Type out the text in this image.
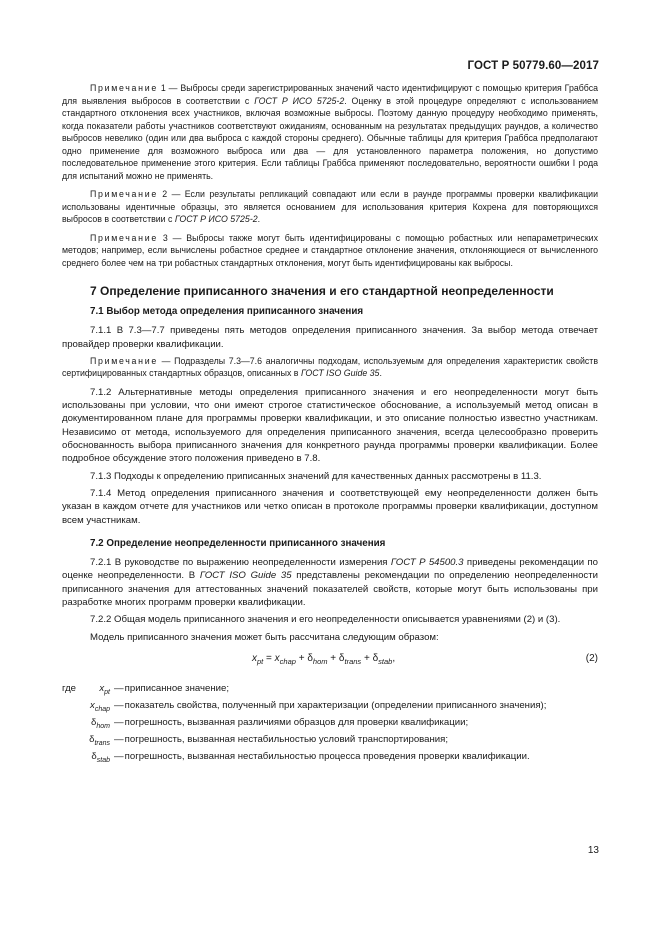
ГОСТ Р 50779.60—2017

Примечание 1 — Выбросы среди зарегистрированных значений часто идентифицируют с помощью критерия Граббса для выявления выбросов в соответствии с ГОСТ Р ИСО 5725-2. Оценку в этой процедуре определяют с использованием стандартного отклонения всех участников, включая возможные выбросы. Поэтому данную процедуру необходимо применять, когда показатели работы участников соответствуют ожиданиям, основанным на результатах предыдущих раундов, а количество выбросов невелико (один или два выброса с каждой стороны среднего). Обычные таблицы для критерия Граббса предполагают одно применение для возможного выброса или два — для установленного параметра положения, но допустимо последовательное применение этого критерия. Если таблицы Граббса применяют последовательно, вероятности ошибки I рода для испытаний можно не применять.

Примечание 2 — Если результаты репликаций совпадают или если в раунде программы проверки квалификации использованы идентичные образцы, это является основанием для использования критерия Кохрена для повторяющихся выбросов в соответствии с ГОСТ Р ИСО 5725-2.

Примечание 3 — Выбросы также могут быть идентифицированы с помощью робастных или непараметрических методов; например, если вычислены робастное среднее и стандартное отклонение значения, отклоняющиеся от вычисленного среднего более чем на три робастных стандартных отклонения, могут быть идентифицированы как выбросы.

7 Определение приписанного значения и его стандартной неопределенности
7.1 Выбор метода определения приписанного значения

7.1.1 В 7.3—7.7 приведены пять методов определения приписанного значения. За выбор метода отвечает провайдер проверки квалификации.

Примечание — Подразделы 7.3—7.6 аналогичны подходам, используемым для определения характеристик свойств сертифицированных стандартных образцов, описанных в ГОСТ ISO Guide 35.

7.1.2 Альтернативные методы определения приписанного значения и его неопределенности могут быть использованы при условии, что они имеют строгое статистическое обоснование, а используемый метод описан в документированном плане для программы проверки квалификации, и это описание полностью известно участникам. Независимо от метода, используемого для определения приписанного значения, всегда целесообразно проверить обоснованность выбора приписанного значения для конкретного раунда программы проверки квалификации. Более подробное обсуждение этого положения приведено в 7.8.

7.1.3 Подходы к определению приписанных значений для качественных данных рассмотрены в 11.3.

7.1.4 Метод определения приписанного значения и соответствующей ему неопределенности должен быть указан в каждом отчете для участников или четко описан в протоколе программы проверки квалификации, доступном всем участникам.

7.2 Определение неопределенности приписанного значения

7.2.1 В руководстве по выражению неопределенности измерения ГОСТ Р 54500.3 приведены рекомендации по оценке неопределенности. В ГОСТ ISO Guide 35 представлены рекомендации по определению неопределенности приписанного значения для аттестованных значений показателей свойств, которые могут быть использованы при разработке многих программ проверки квалификации.

7.2.2 Общая модель приписанного значения и его неопределенности описывается уравнениями (2) и (3).

Модель приписанного значения может быть рассчитана следующим образом:

$x_{pt} = x_{chap} + \delta_{hom} + \delta_{trans} + \delta_{stab}$,	(2)
где	$x_{pt}$ — приписанное значение;
$x_{chap}$ — показатель свойства, полученный при характеризации (определении приписанного значения);
$\delta_{hom}$ — погрешность, вызванная различиями образцов для проверки квалификации;
$\delta_{trans}$ — погрешность, вызванная нестабильностью условий транспортирования;
$\delta_{stab}$ — погрешность, вызванная нестабильностью процесса проведения проверки квалификации.
13
